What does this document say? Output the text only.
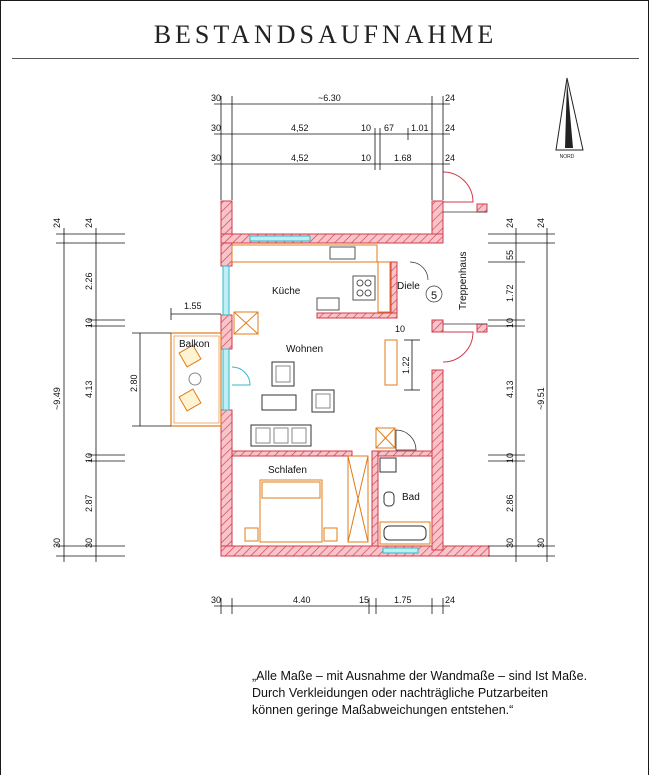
BESTANDSAUFNAHME
NORD
Küche	Diele
5 Treppenhaus
Balkon	Wohnen
Schlafen
Bad
30	~6.30	24
30	4,52	10 67 1.01 24
30	4,52	10	1.68	24
30	4.40	15	1.75	24
24
~9.49
30
24
2.26
10
4.13
10
2.87
30
1.55
2.80
24
55
1.72
10
4.13
10
2.86
30
24
~9.51
30
10
1.22
„Alle Maße – mit Ausnahme der Wandmaße – sind Ist Maße.
Durch Verkleidungen oder nachträgliche Putzarbeiten
können geringe Maßabweichungen entstehen.“
